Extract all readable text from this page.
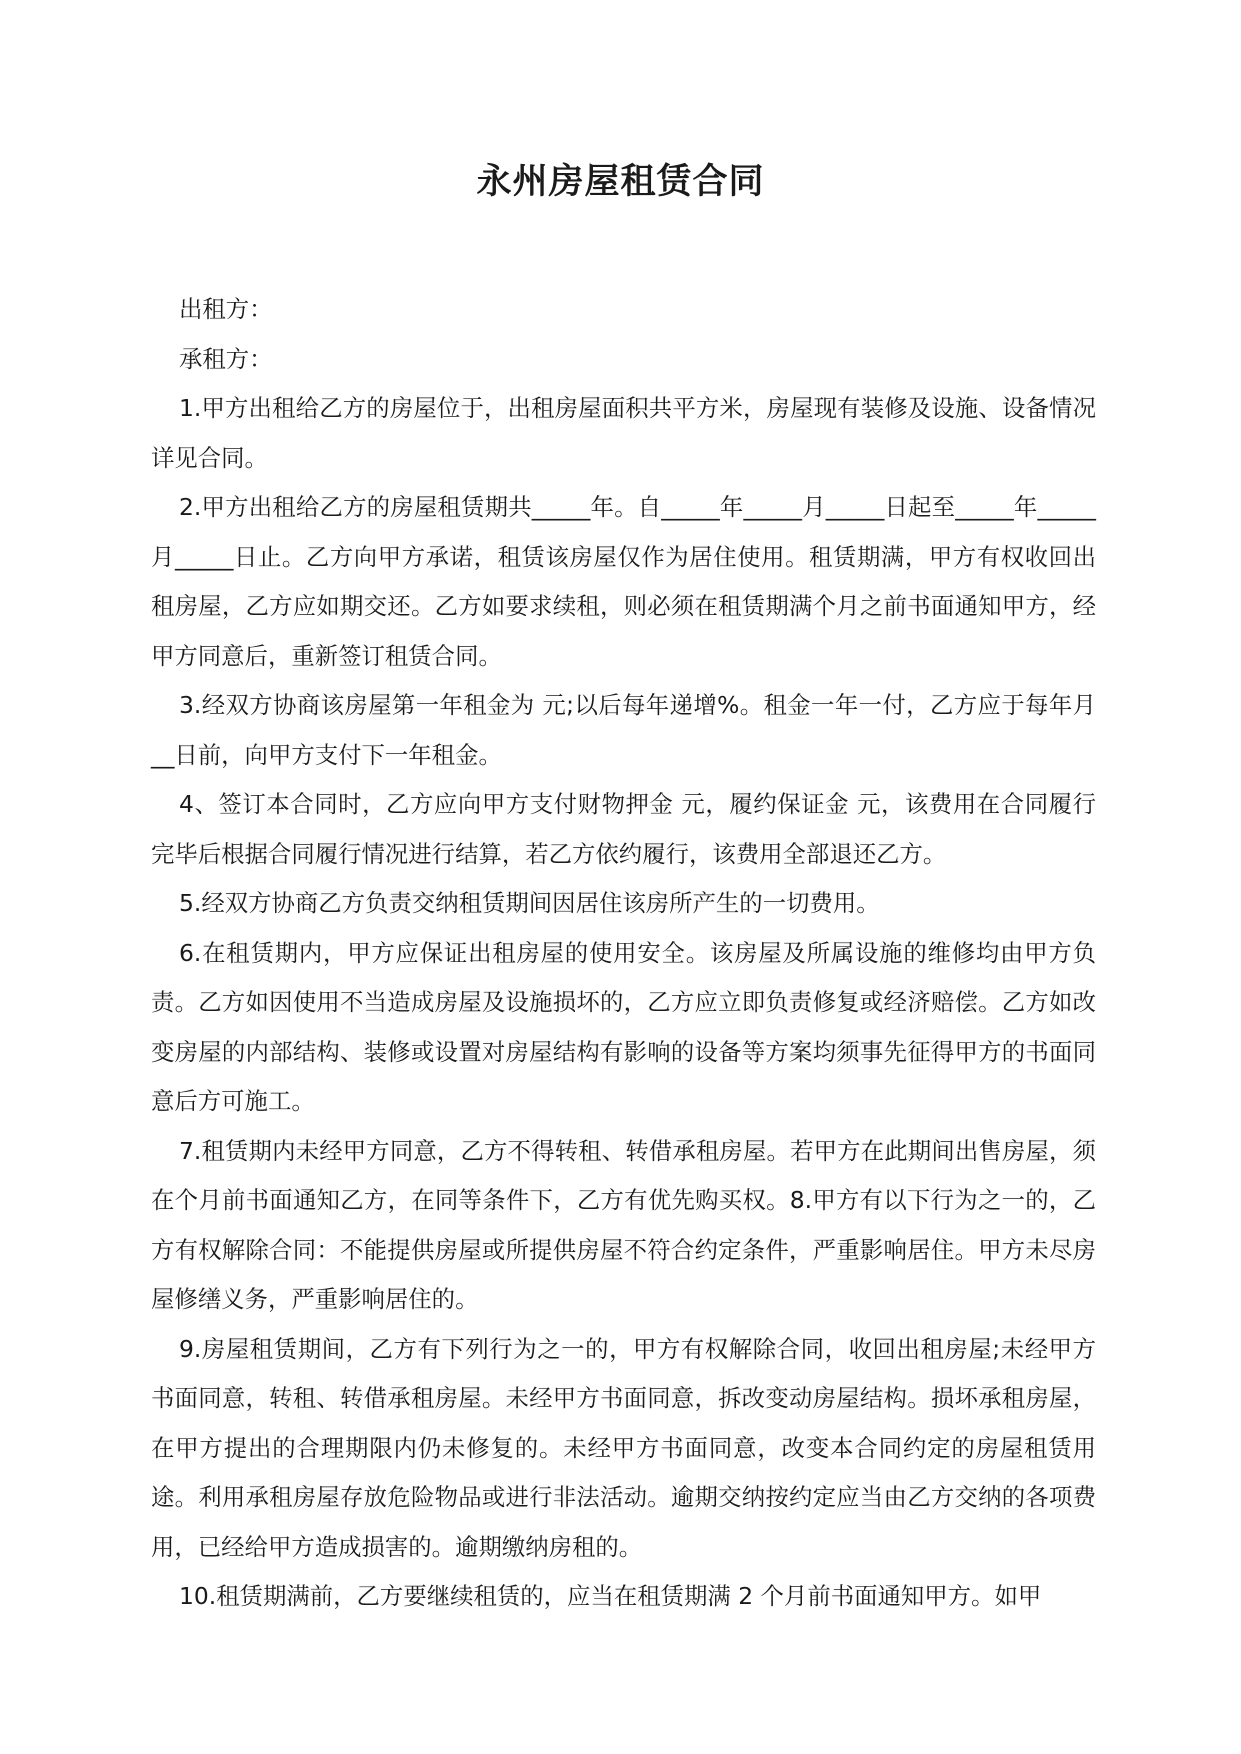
永州房屋租赁合同

出租方：

承租方：

1.甲方出租给乙方的房屋位于，出租房屋面积共平方米，房屋现有装修及设施、设备情况详见合同。

2.甲方出租给乙方的房屋租赁期共_____年。自_____年_____月_____日起至_____年_____月_____日止。乙方向甲方承诺，租赁该房屋仅作为居住使用。租赁期满，甲方有权收回出租房屋，乙方应如期交还。乙方如要求续租，则必须在租赁期满个月之前书面通知甲方，经甲方同意后，重新签订租赁合同。

3.经双方协商该房屋第一年租金为 元;以后每年递增%。租金一年一付，乙方应于每年月__日前，向甲方支付下一年租金。

4、签订本合同时，乙方应向甲方支付财物押金 元，履约保证金 元，该费用在合同履行完毕后根据合同履行情况进行结算，若乙方依约履行，该费用全部退还乙方。

5.经双方协商乙方负责交纳租赁期间因居住该房所产生的一切费用。

6.在租赁期内，甲方应保证出租房屋的使用安全。该房屋及所属设施的维修均由甲方负责。乙方如因使用不当造成房屋及设施损坏的，乙方应立即负责修复或经济赔偿。乙方如改变房屋的内部结构、装修或设置对房屋结构有影响的设备等方案均须事先征得甲方的书面同意后方可施工。

7.租赁期内未经甲方同意，乙方不得转租、转借承租房屋。若甲方在此期间出售房屋，须在个月前书面通知乙方，在同等条件下，乙方有优先购买权。8.甲方有以下行为之一的，乙方有权解除合同：不能提供房屋或所提供房屋不符合约定条件，严重影响居住。甲方未尽房屋修缮义务，严重影响居住的。

9.房屋租赁期间，乙方有下列行为之一的，甲方有权解除合同，收回出租房屋;未经甲方书面同意，转租、转借承租房屋。未经甲方书面同意，拆改变动房屋结构。损坏承租房屋，在甲方提出的合理期限内仍未修复的。未经甲方书面同意，改变本合同约定的房屋租赁用途。利用承租房屋存放危险物品或进行非法活动。逾期交纳按约定应当由乙方交纳的各项费用，已经给甲方造成损害的。逾期缴纳房租的。

10.租赁期满前，乙方要继续租赁的，应当在租赁期满 2 个月前书面通知甲方。如甲
